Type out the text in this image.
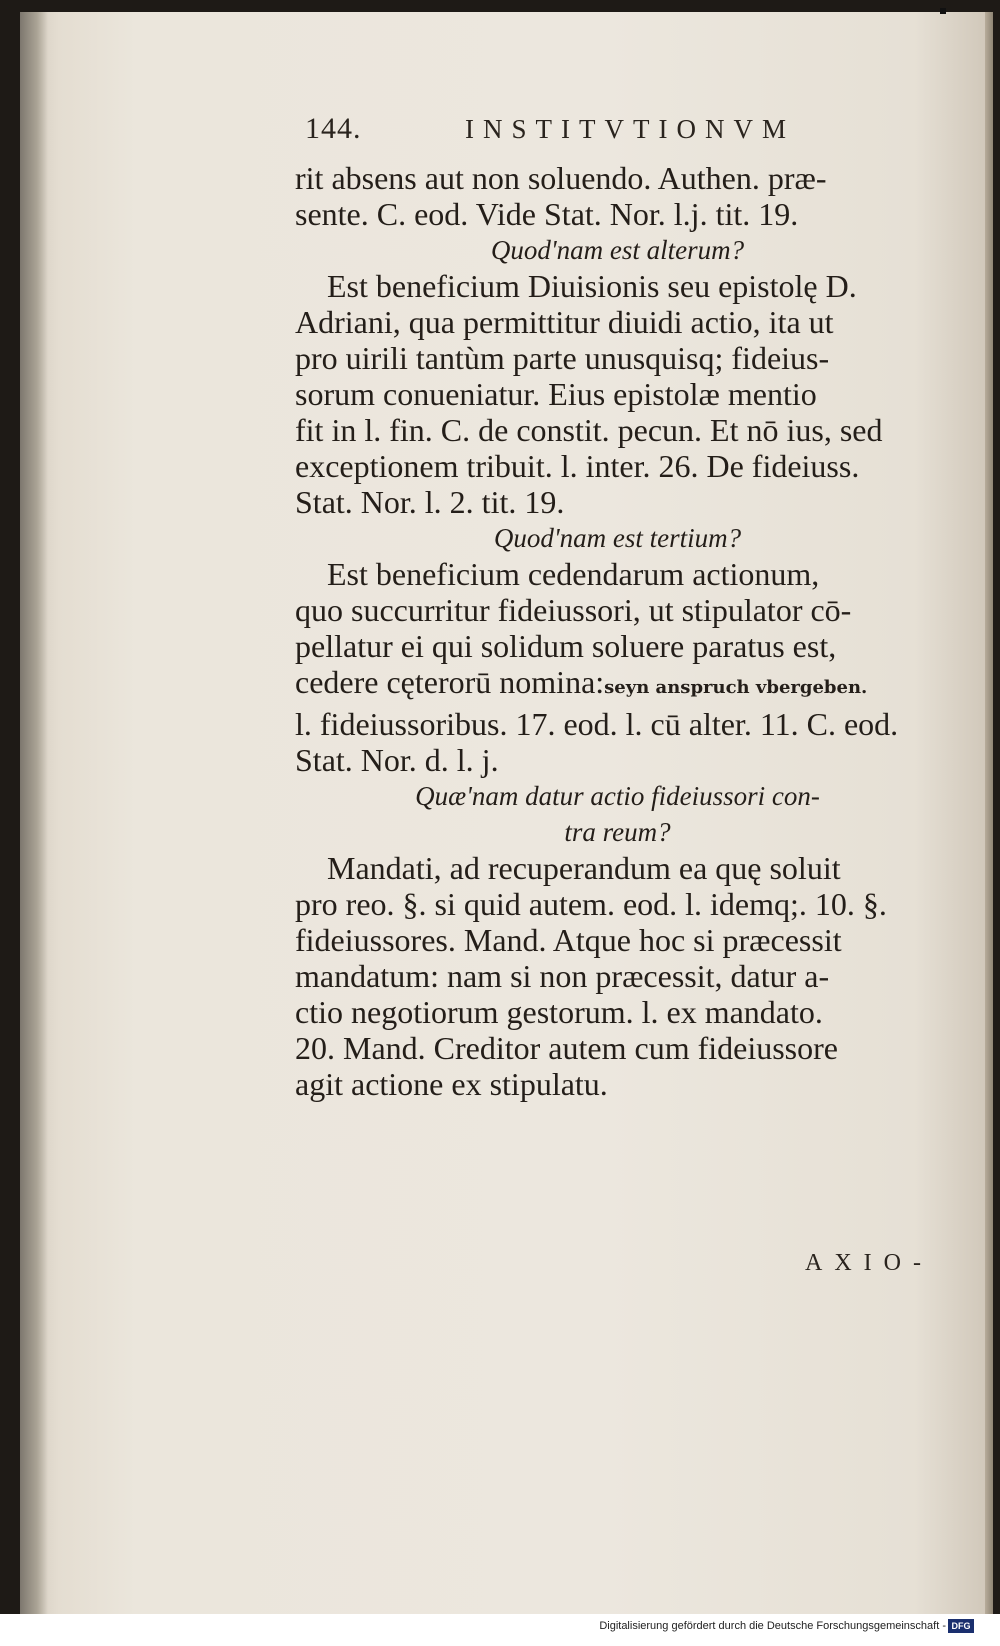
144.	INSTITVTIONVM
rit absens aut non soluendo. Authen. præ-
sente. C. eod. Vide Stat. Nor. l.j. tit. 19.
Quod'nam est alterum?
Est beneficium Diuisionis seu epistolę D.
Adriani, qua permittitur diuidi actio, ita ut
pro uirili tantùm parte unusquisq; fideius-
sorum conueniatur. Eius epistolæ mentio
fit in l. fin. C. de constit. pecun. Et nō ius, sed
exceptionem tribuit. l. inter. 26. De fideiuss.
Stat. Nor. l. 2. tit. 19.
Quod'nam est tertium?
Est beneficium cedendarum actionum,
quo succurritur fideiussori, ut stipulator cō-
pellatur ei qui solidum soluere paratus est,
cedere cęterorū nomina:seyn anspruch vbergeben.
l. fideiussoribus. 17. eod. l. cū alter. 11. C. eod.
Stat. Nor. d. l. j.
Quæ'nam datur actio fideiussori con-
tra reum?
Mandati, ad recuperandum ea quę soluit
pro reo. §. si quid autem. eod. l. idemq;. 10. §.
fideiussores. Mand. Atque hoc si præcessit
mandatum: nam si non præcessit, datur a-
ctio negotiorum gestorum. l. ex mandato.
20. Mand. Creditor autem cum fideiussore
agit actione ex stipulatu.
AXIO-
Digitalisierung gefördert durch die Deutsche Forschungsgemeinschaft - DFG
